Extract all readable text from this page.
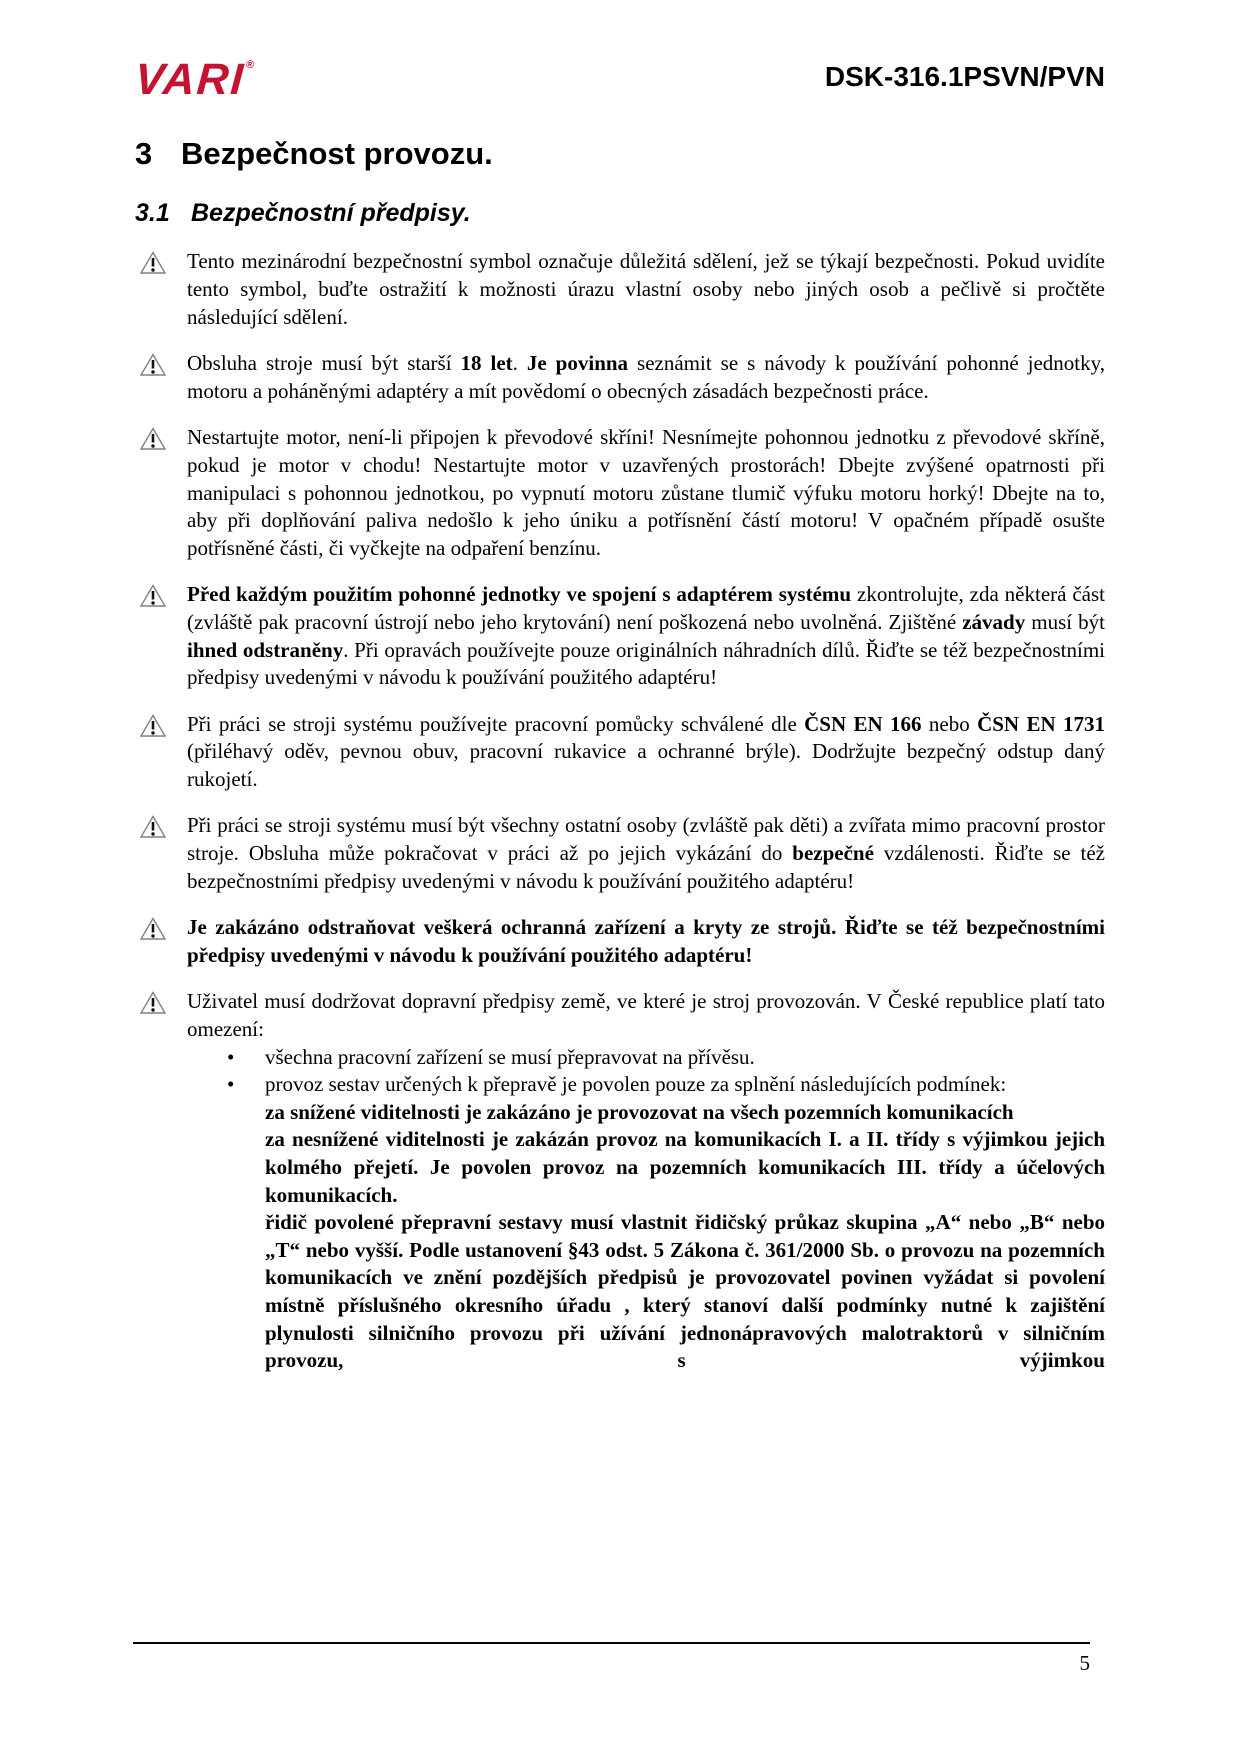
VARI®	DSK-316.1PSVN/PVN
3 Bezpečnost provozu.
3.1 Bezpečnostní předpisy.
Tento mezinárodní bezpečnostní symbol označuje důležitá sdělení, jež se týkají bezpečnosti. Pokud uvidíte tento symbol, buďte ostražití k možnosti úrazu vlastní osoby nebo jiných osob a pečlivě si pročtěte následující sdělení.
Obsluha stroje musí být starší 18 let. Je povinna seznámit se s návody k používání pohonné jednotky, motoru a poháněnými adaptéry a mít povědomí o obecných zásadách bezpečnosti práce.
Nestartujte motor, není-li připojen k převodové skříni! Nesnímejte pohonnou jednotku z převodové skříně, pokud je motor v chodu! Nestartujte motor v uzavřených prostorách! Dbejte zvýšené opatrnosti při manipulaci s pohonnou jednotkou, po vypnutí motoru zůstane tlumič výfuku motoru horký! Dbejte na to, aby při doplňování paliva nedošlo k jeho úniku a potřísnění částí motoru! V opačném případě osušte potřísněné části, či vyčkejte na odpaření benzínu.
Před každým použitím pohonné jednotky ve spojení s adaptérem systému zkontrolujte, zda některá část (zvláště pak pracovní ústrojí nebo jeho krytování) není poškozená nebo uvolněná. Zjištěné závady musí být ihned odstraněny. Při opravách používejte pouze originálních náhradních dílů. Řiďte se též bezpečnostními předpisy uvedenými v návodu k používání použitého adaptéru!
Při práci se stroji systému používejte pracovní pomůcky schválené dle ČSN EN 166 nebo ČSN EN 1731 (přiléhavý oděv, pevnou obuv, pracovní rukavice a ochranné brýle). Dodržujte bezpečný odstup daný rukojetí.
Při práci se stroji systému musí být všechny ostatní osoby (zvláště pak děti) a zvířata mimo pracovní prostor stroje. Obsluha může pokračovat v práci až po jejich vykázání do bezpečné vzdálenosti. Řiďte se též bezpečnostními předpisy uvedenými v návodu k používání použitého adaptéru!
Je zakázáno odstraňovat veškerá ochranná zařízení a kryty ze strojů. Řiďte se též bezpečnostními předpisy uvedenými v návodu k používání použitého adaptéru!
Uživatel musí dodržovat dopravní předpisy země, ve které je stroj provozován. V České republice platí tato omezení:
• všechna pracovní zařízení se musí přepravovat na přívěsu.
• provoz sestav určených k přepravě je povolen pouze za splnění následujících podmínek:
za snížené viditelnosti je zakázáno je provozovat na všech pozemních komunikacích
za nesnížené viditelnosti je zakázán provoz na komunikacích I. a II. třídy s výjimkou jejich kolmého přejetí. Je povolen provoz na pozemních komunikacích III. třídy a účelových komunikacích.
řidič povolené přepravní sestavy musí vlastnit řidičský průkaz skupina „A“ nebo „B“ nebo „T“ nebo vyšší. Podle ustanovení §43 odst. 5 Zákona č. 361/2000 Sb. o provozu na pozemních komunikacích ve znění pozdějších předpisů je provozovatel povinen vyžádat si povolení místně příslušného okresního úřadu , který stanoví další podmínky nutné k zajištění plynulosti silničního provozu při užívání jednonápravových malotraktorů v silničním provozu, s výjimkou
5
